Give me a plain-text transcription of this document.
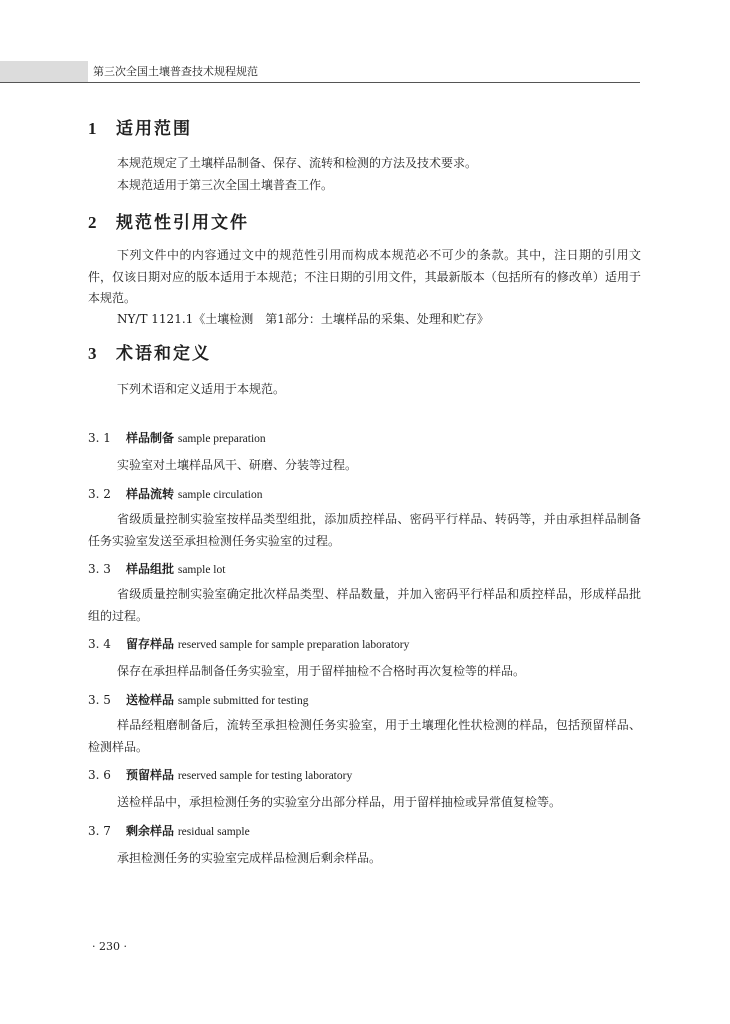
第三次全国土壤普查技术规程规范
1 适用范围
本规范规定了土壤样品制备、保存、流转和检测的方法及技术要求。
本规范适用于第三次全国土壤普查工作。
2 规范性引用文件
下列文件中的内容通过文中的规范性引用而构成本规范必不可少的条款。其中，注日期的引用文件，仅该日期对应的版本适用于本规范；不注日期的引用文件，其最新版本（包括所有的修改单）适用于本规范。
NY/T 1121.1《土壤检测　第1部分：土壤样品的采集、处理和贮存》
3 术语和定义
下列术语和定义适用于本规范。
3. 1 样品制备 sample preparation
实验室对土壤样品风干、研磨、分装等过程。
3. 2 样品流转 sample circulation
省级质量控制实验室按样品类型组批，添加质控样品、密码平行样品、转码等，并由承担样品制备任务实验室发送至承担检测任务实验室的过程。
3. 3 样品组批 sample lot
省级质量控制实验室确定批次样品类型、样品数量，并加入密码平行样品和质控样品，形成样品批组的过程。
3. 4 留存样品 reserved sample for sample preparation laboratory
保存在承担样品制备任务实验室，用于留样抽检不合格时再次复检等的样品。
3. 5 送检样品 sample submitted for testing
样品经粗磨制备后，流转至承担检测任务实验室，用于土壤理化性状检测的样品，包括预留样品、检测样品。
3. 6 预留样品 reserved sample for testing laboratory
送检样品中，承担检测任务的实验室分出部分样品，用于留样抽检或异常值复检等。
3. 7 剩余样品 residual sample
承担检测任务的实验室完成样品检测后剩余样品。
· 230 ·
